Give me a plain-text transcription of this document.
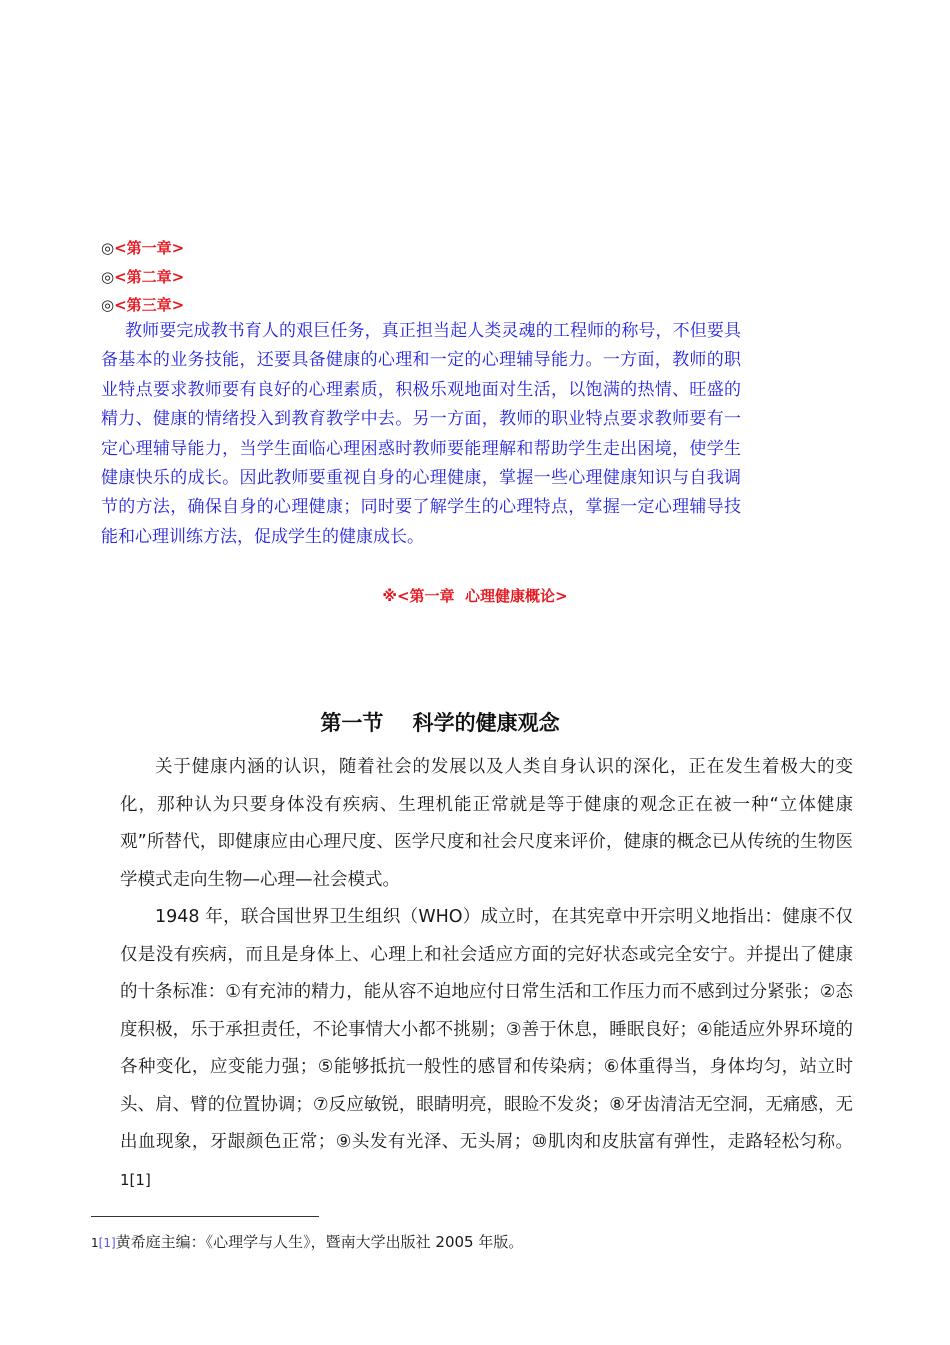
◎<第一章>
◎<第二章>
◎<第三章>

教师要完成教书育人的艰巨任务，真正担当起人类灵魂的工程师的称号，不但要具备基本的业务技能，还要具备健康的心理和一定的心理辅导能力。一方面，教师的职业特点要求教师要有良好的心理素质，积极乐观地面对生活，以饱满的热情、旺盛的精力、健康的情绪投入到教育教学中去。另一方面，教师的职业特点要求教师要有一定心理辅导能力，当学生面临心理困惑时教师要能理解和帮助学生走出困境，使学生健康快乐的成长。因此教师要重视自身的心理健康，掌握一些心理健康知识与自我调节的方法，确保自身的心理健康；同时要了解学生的心理特点，掌握一定心理辅导技能和心理训练方法，促成学生的健康成长。

※<第一章  心理健康概论>
第一节    科学的健康观念

关于健康内涵的认识，随着社会的发展以及人类自身认识的深化，正在发生着极大的变化，那种认为只要身体没有疾病、生理机能正常就是等于健康的观念正在被一种“立体健康观”所替代，即健康应由心理尺度、医学尺度和社会尺度来评价，健康的概念已从传统的生物医学模式走向生物—心理—社会模式。

1948 年，联合国世界卫生组织（WHO）成立时，在其宪章中开宗明义地指出：健康不仅仅是没有疾病，而且是身体上、心理上和社会适应方面的完好状态或完全安宁。并提出了健康的十条标准：①有充沛的精力，能从容不迫地应付日常生活和工作压力而不感到过分紧张；②态度积极，乐于承担责任，不论事情大小都不挑剔；③善于休息，睡眠良好；④能适应外界环境的各种变化，应变能力强；⑤能够抵抗一般性的感冒和传染病；⑥体重得当，身体均匀，站立时头、肩、臂的位置协调；⑦反应敏锐，眼睛明亮，眼睑不发炎；⑧牙齿清洁无空洞，无痛感，无出血现象，牙龈颜色正常；⑨头发有光泽、无头屑；⑩肌肉和皮肤富有弹性，走路轻松匀称。1[1]

1[1]黄希庭主编：《心理学与人生》，暨南大学出版社 2005 年版。
